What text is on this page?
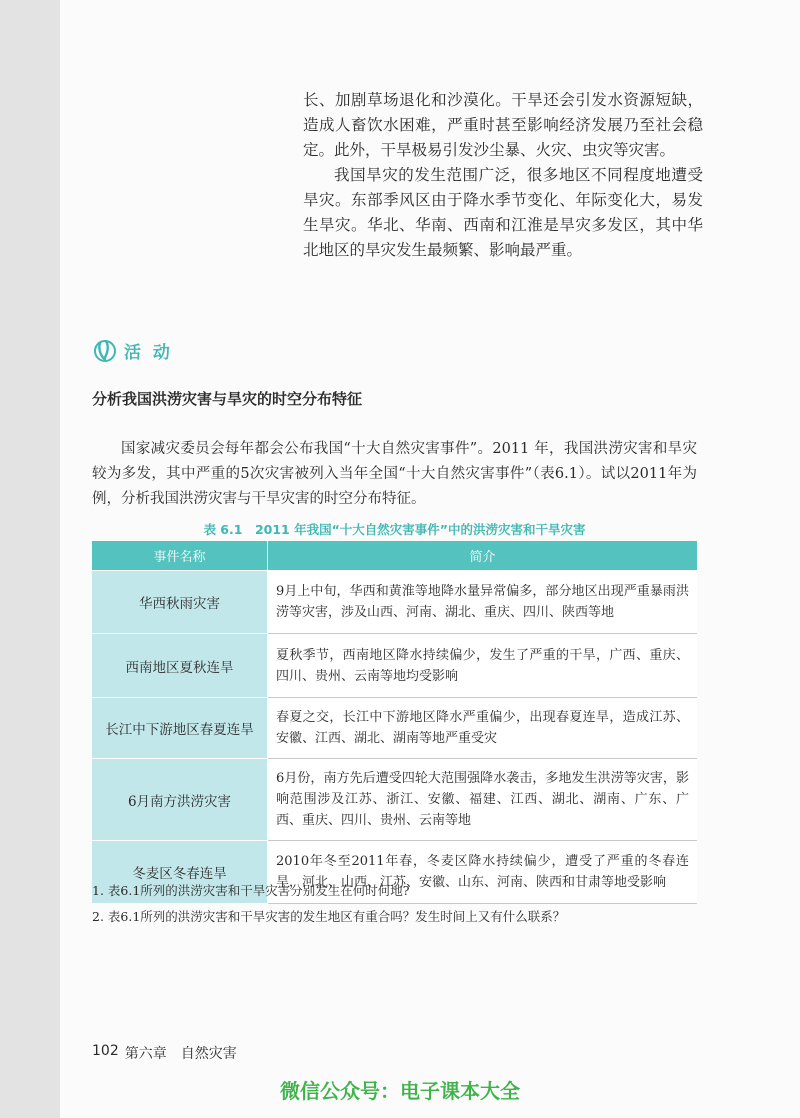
长、加剧草场退化和沙漠化。干旱还会引发水资源短缺，造成人畜饮水困难，严重时甚至影响经济发展乃至社会稳定。此外，干旱极易引发沙尘暴、火灾、虫灾等灾害。

我国旱灾的发生范围广泛，很多地区不同程度地遭受旱灾。东部季风区由于降水季节变化、年际变化大，易发生旱灾。华北、华南、西南和江淮是旱灾多发区，其中华北地区的旱灾发生最频繁、影响最严重。

活 动
分析我国洪涝灾害与旱灾的时空分布特征

国家减灾委员会每年都会公布我国“十大自然灾害事件”。2011 年，我国洪涝灾害和旱灾较为多发，其中严重的5次灾害被列入当年全国“十大自然灾害事件”（表6.1）。试以2011年为例，分析我国洪涝灾害与干旱灾害的时空分布特征。

表 6.1　2011 年我国“十大自然灾害事件”中的洪涝灾害和干旱灾害
事件名称	简介
华西秋雨灾害	9月上中旬，华西和黄淮等地降水量异常偏多，部分地区出现严重暴雨洪涝等灾害，涉及山西、河南、湖北、重庆、四川、陕西等地
西南地区夏秋连旱	夏秋季节，西南地区降水持续偏少，发生了严重的干旱，广西、重庆、四川、贵州、云南等地均受影响
长江中下游地区春夏连旱	春夏之交，长江中下游地区降水严重偏少，出现春夏连旱，造成江苏、安徽、江西、湖北、湖南等地严重受灾
6月南方洪涝灾害	6月份，南方先后遭受四轮大范围强降水袭击，多地发生洪涝等灾害，影响范围涉及江苏、浙江、安徽、福建、江西、湖北、湖南、广东、广西、重庆、四川、贵州、云南等地
冬麦区冬春连旱	2010年冬至2011年春，冬麦区降水持续偏少，遭受了严重的冬春连旱，河北、山西、江苏、安徽、山东、河南、陕西和甘肃等地受影响
1. 表6.1所列的洪涝灾害和干旱灾害分别发生在何时何地?
2. 表6.1所列的洪涝灾害和干旱灾害的发生地区有重合吗？发生时间上又有什么联系？
102 第六章 自然灾害
微信公众号：电子课本大全
